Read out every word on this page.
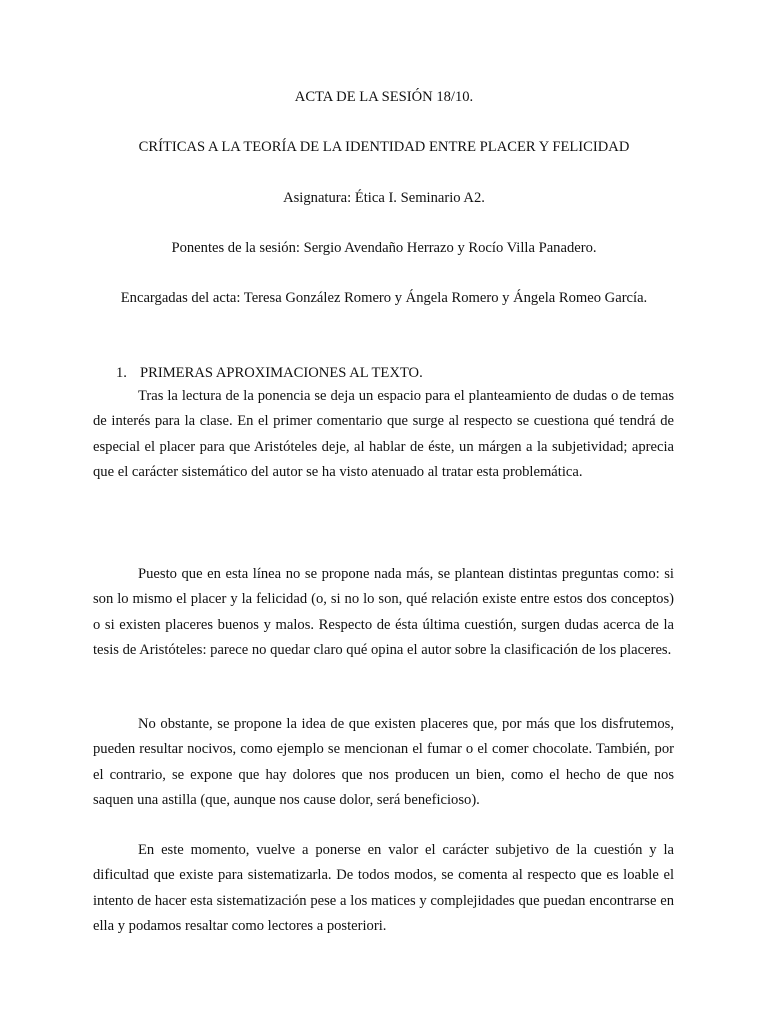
ACTA DE LA SESIÓN 18/10.
CRÍTICAS A LA TEORÍA DE LA IDENTIDAD ENTRE PLACER Y FELICIDAD
Asignatura: Ética I. Seminario A2.
Ponentes de la sesión: Sergio Avendaño Herrazo y Rocío Villa Panadero.
Encargadas del acta: Teresa González Romero y Ángela Romero y Ángela Romeo García.
1. PRIMERAS APROXIMACIONES AL TEXTO.

Tras la lectura de la ponencia se deja un espacio para el planteamiento de dudas o de temas de interés para la clase. En el primer comentario que surge al respecto se cuestiona qué tendrá de especial el placer para que Aristóteles deje, al hablar de éste, un márgen a la subjetividad; aprecia que el carácter sistemático del autor se ha visto atenuado al tratar esta problemática.

Puesto que en esta línea no se propone nada más, se plantean distintas preguntas como: si son lo mismo el placer y la felicidad (o, si no lo son, qué relación existe entre estos dos conceptos) o si existen placeres buenos y malos. Respecto de ésta última cuestión, surgen dudas acerca de la tesis de Aristóteles: parece no quedar claro qué opina el autor sobre la clasificación de los placeres.

No obstante, se propone la idea de que existen placeres que, por más que los disfrutemos, pueden resultar nocivos, como ejemplo se mencionan el fumar o el comer chocolate. También, por el contrario, se expone que hay dolores que nos producen un bien, como el hecho de que nos saquen una astilla (que, aunque nos cause dolor, será beneficioso).

En este momento, vuelve a ponerse en valor el carácter subjetivo de la cuestión y la dificultad que existe para sistematizarla. De todos modos, se comenta al respecto que es loable el intento de hacer esta sistematización pese a los matices y complejidades que puedan encontrarse en ella y podamos resaltar como lectores a posteriori.
